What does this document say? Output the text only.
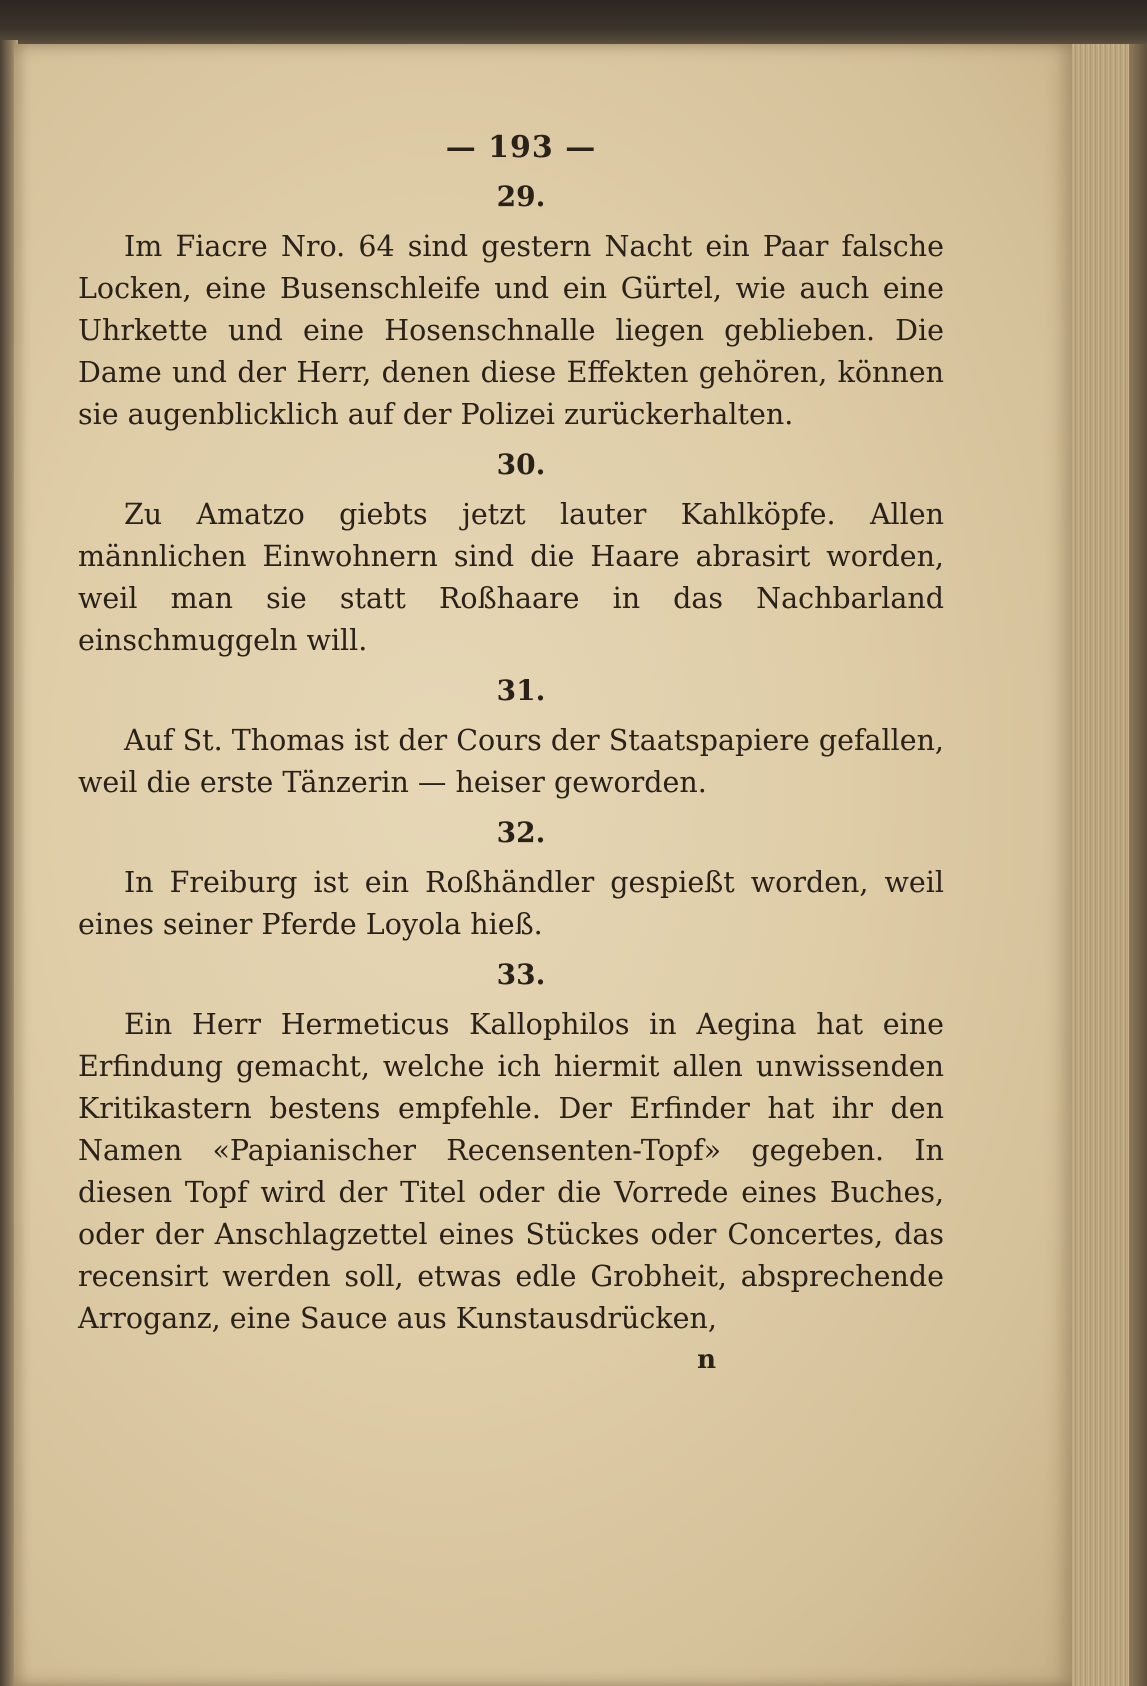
— 193 —
29.

Im Fiacre Nro. 64 sind gestern Nacht ein Paar falsche Locken, eine Busenschleife und ein Gürtel, wie auch eine Uhrkette und eine Hosenschnalle liegen geblieben. Die Dame und der Herr, denen diese Effekten gehören, können sie augenblicklich auf der Polizei zurückerhalten.

30.

Zu Amatzo giebts jetzt lauter Kahlköpfe. Allen männlichen Einwohnern sind die Haare abrasirt worden, weil man sie statt Roßhaare in das Nachbarland einschmuggeln will.

31.

Auf St. Thomas ist der Cours der Staatspapiere gefallen, weil die erste Tänzerin — heiser geworden.

32.

In Freiburg ist ein Roßhändler gespießt worden, weil eines seiner Pferde Loyola hieß.

33.

Ein Herr Hermeticus Kallophilos in Aegina hat eine Erfindung gemacht, welche ich hiermit allen unwissenden Kritikastern bestens empfehle. Der Erfinder hat ihr den Namen «Papianischer Recensenten-Topf» gegeben. In diesen Topf wird der Titel oder die Vorrede eines Buches, oder der Anschlagzettel eines Stückes oder Concertes, das recensirt werden soll, etwas edle Grobheit, absprechende Arroganz, eine Sauce aus Kunstausdrücken,

n
